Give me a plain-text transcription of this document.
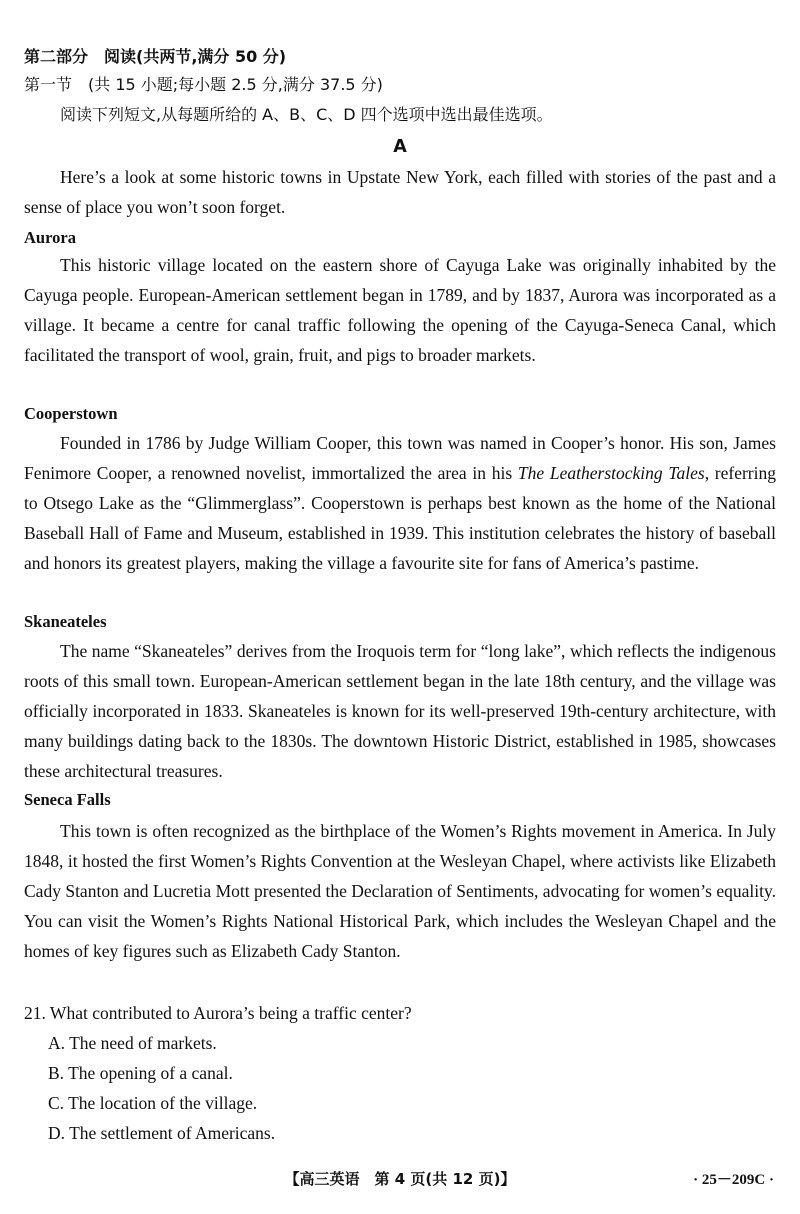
第二部分　阅读(共两节,满分 50 分)
第一节　(共 15 小题;每小题 2.5 分,满分 37.5 分)
阅读下列短文,从每题所给的 A、B、C、D 四个选项中选出最佳选项。
A

Here’s a look at some historic towns in Upstate New York, each filled with stories of the past and a sense of place you won’t soon forget.

Aurora

This historic village located on the eastern shore of Cayuga Lake was originally inhabited by the Cayuga people. European-American settlement began in 1789, and by 1837, Aurora was incorporated as a village. It became a centre for canal traffic following the opening of the Cayuga-Seneca Canal, which facilitated the transport of wool, grain, fruit, and pigs to broader markets.

Cooperstown

Founded in 1786 by Judge William Cooper, this town was named in Cooper’s honor. His son, James Fenimore Cooper, a renowned novelist, immortalized the area in his The Leatherstocking Tales, referring to Otsego Lake as the “Glimmerglass”. Cooperstown is perhaps best known as the home of the National Baseball Hall of Fame and Museum, established in 1939. This institution celebrates the history of baseball and honors its greatest players, making the village a favourite site for fans of America’s pastime.

Skaneateles

The name “Skaneateles” derives from the Iroquois term for “long lake”, which reflects the indigenous roots of this small town. European-American settlement began in the late 18th century, and the village was officially incorporated in 1833. Skaneateles is known for its well-preserved 19th-century architecture, with many buildings dating back to the 1830s. The downtown Historic District, established in 1985, showcases these architectural treasures.

Seneca Falls

This town is often recognized as the birthplace of the Women’s Rights movement in America. In July 1848, it hosted the first Women’s Rights Convention at the Wesleyan Chapel, where activists like Elizabeth Cady Stanton and Lucretia Mott presented the Declaration of Sentiments, advocating for women’s equality. You can visit the Women’s Rights National Historical Park, which includes the Wesleyan Chapel and the homes of key figures such as Elizabeth Cady Stanton.

21. What contributed to Aurora’s being a traffic center?
A. The need of markets.
B. The opening of a canal.
C. The location of the village.
D. The settlement of Americans.
【高三英语　第 4 页(共 12 页)】	· 25－209C ·
